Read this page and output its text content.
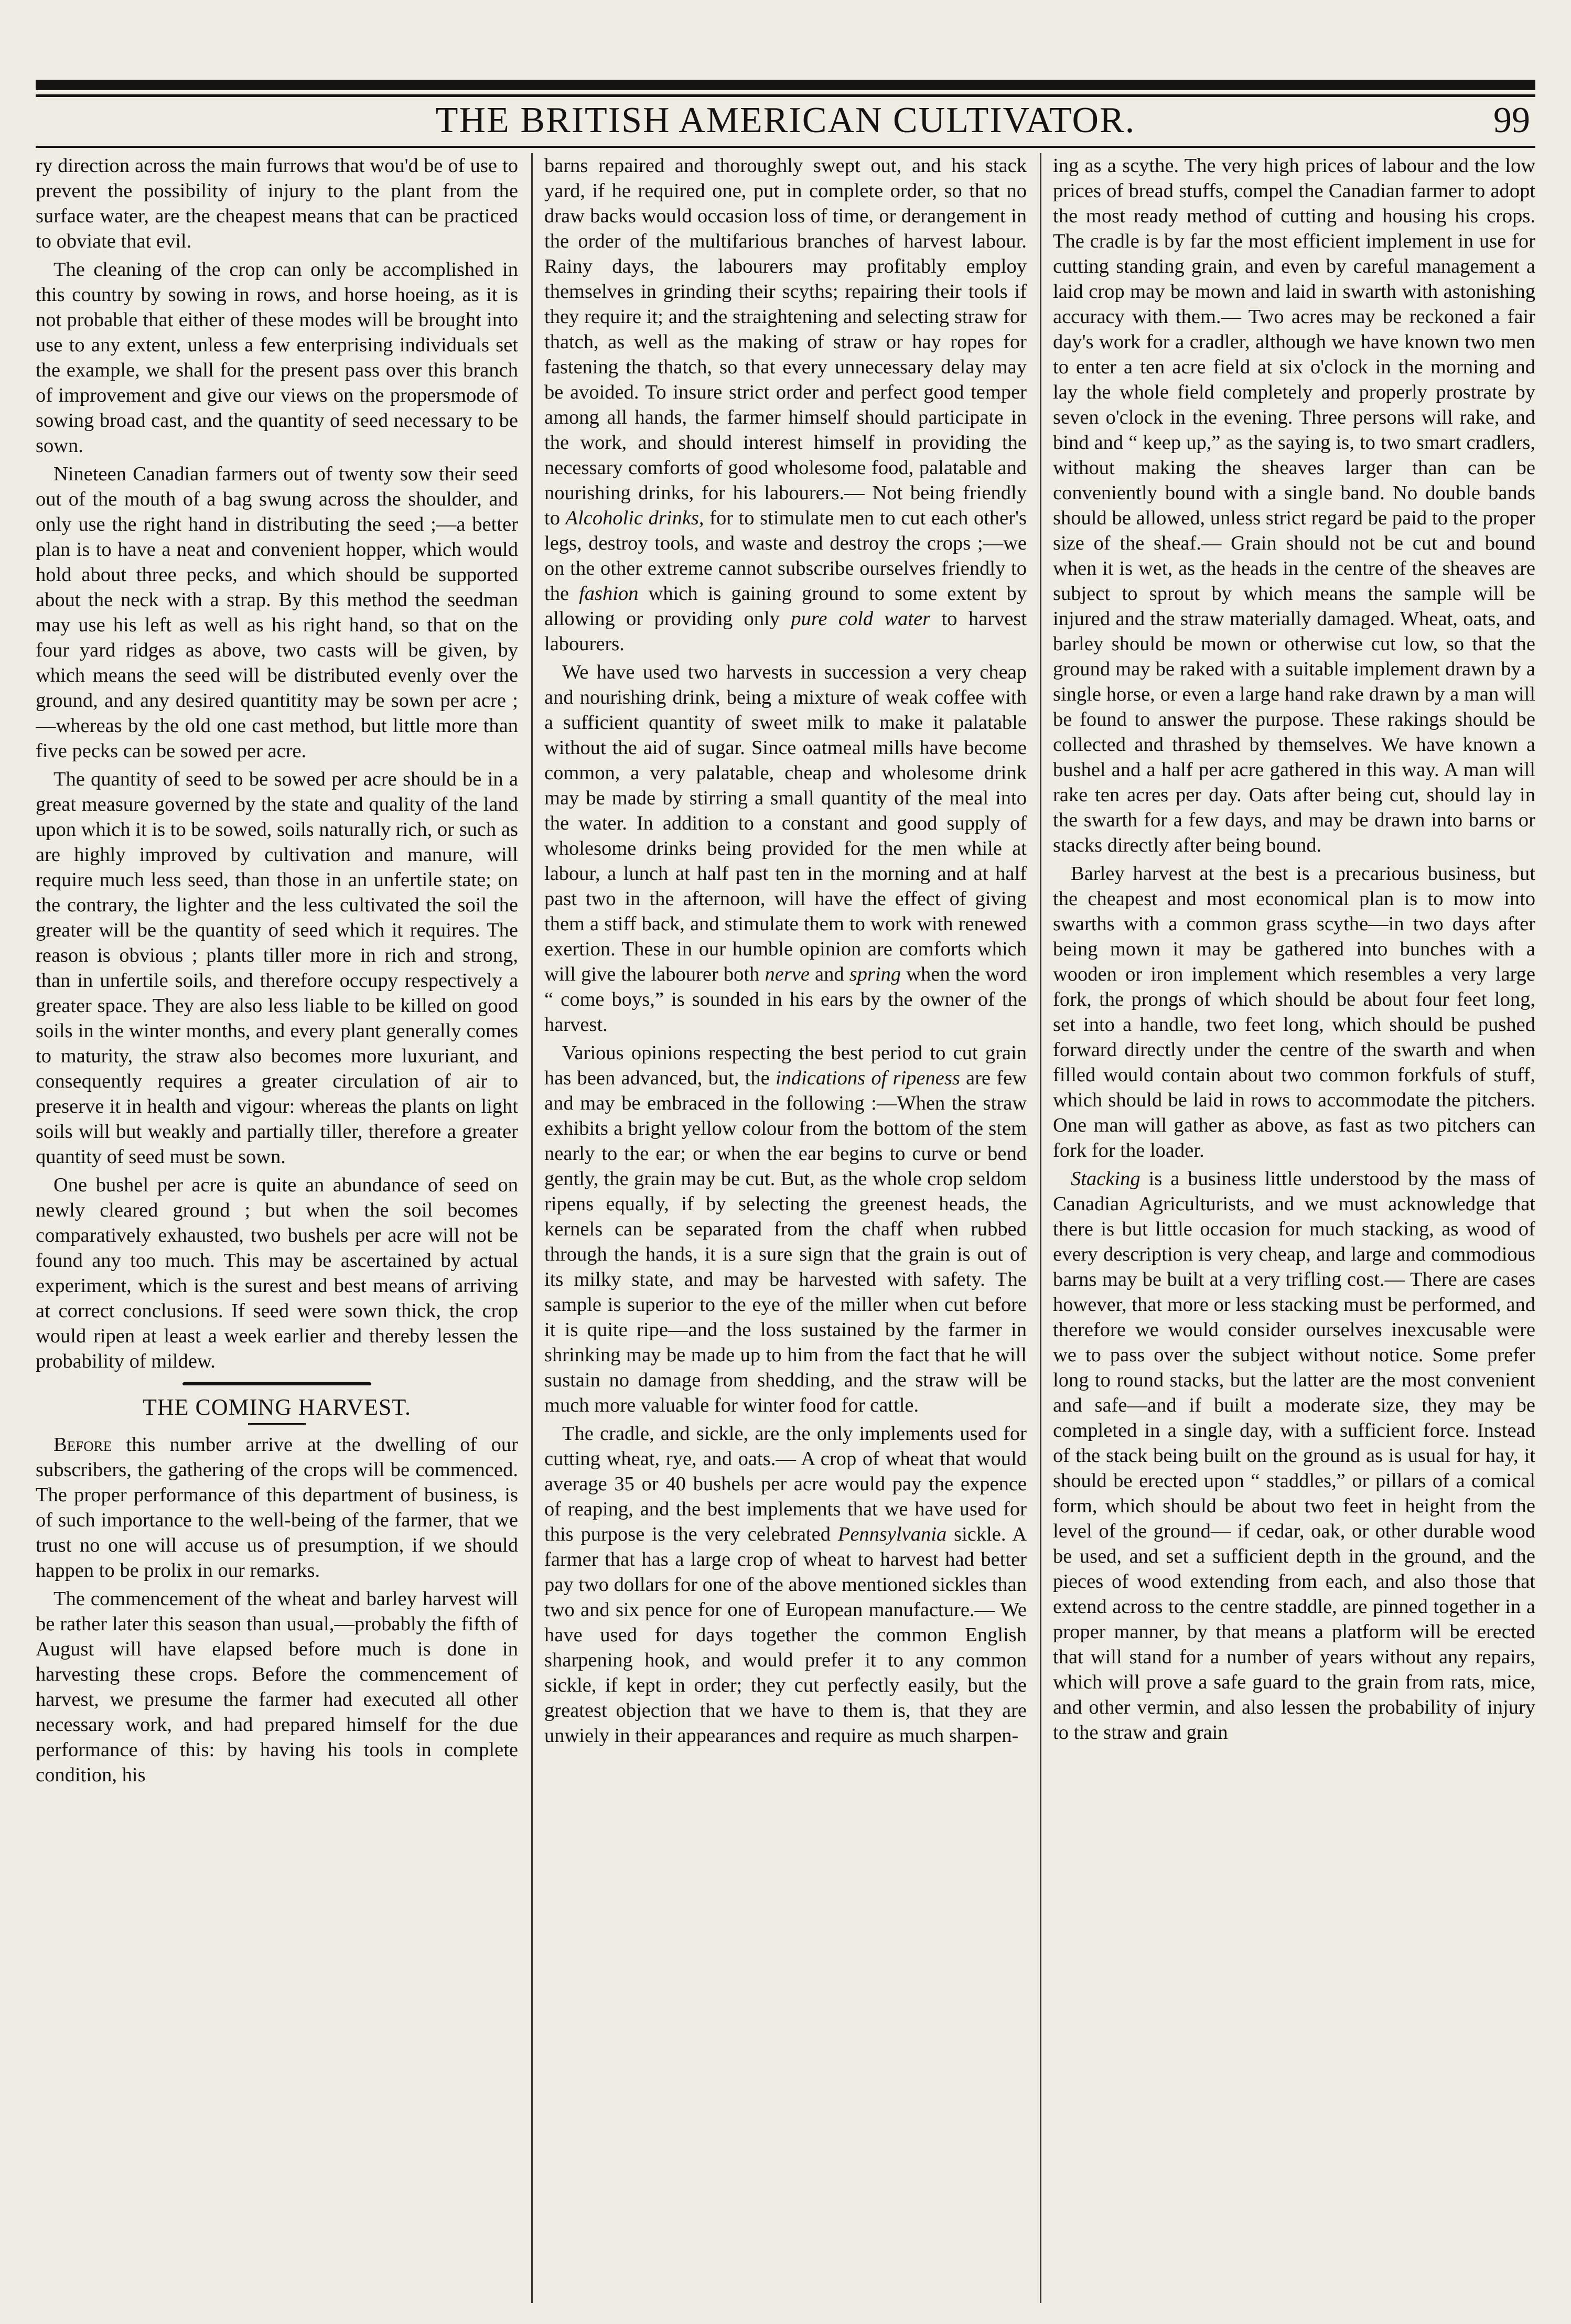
THE BRITISH AMERICAN CULTIVATOR.	99

ry direction across the main furrows that wou'd be of use to prevent the possibility of injury to the plant from the surface water, are the cheapest means that can be practiced to obviate that evil.

The cleaning of the crop can only be accomplished in this country by sowing in rows, and horse hoeing, as it is not probable that either of these modes will be brought into use to any extent, unless a few enterprising individuals set the example, we shall for the present pass over this branch of improvement and give our views on the propersmode of sowing broad cast, and the quantity of seed necessary to be sown.

Nineteen Canadian farmers out of twenty sow their seed out of the mouth of a bag swung across the shoulder, and only use the right hand in distributing the seed ;—a better plan is to have a neat and convenient hopper, which would hold about three pecks, and which should be supported about the neck with a strap. By this method the seedman may use his left as well as his right hand, so that on the four yard ridges as above, two casts will be given, by which means the seed will be distributed evenly over the ground, and any desired quantitity may be sown per acre ;—whereas by the old one cast method, but little more than five pecks can be sowed per acre.

The quantity of seed to be sowed per acre should be in a great measure governed by the state and quality of the land upon which it is to be sowed, soils naturally rich, or such as are highly improved by cultivation and manure, will require much less seed, than those in an unfertile state; on the contrary, the lighter and the less cultivated the soil the greater will be the quantity of seed which it requires. The reason is obvious ; plants tiller more in rich and strong, than in unfertile soils, and therefore occupy respectively a greater space. They are also less liable to be killed on good soils in the winter months, and every plant generally comes to maturity, the straw also becomes more luxuriant, and consequently requires a greater circulation of air to preserve it in health and vigour: whereas the plants on light soils will but weakly and partially tiller, therefore a greater quantity of seed must be sown.

One bushel per acre is quite an abundance of seed on newly cleared ground ; but when the soil becomes comparatively exhausted, two bushels per acre will not be found any too much. This may be ascertained by actual experiment, which is the surest and best means of arriving at correct conclusions. If seed were sown thick, the crop would ripen at least a week earlier and thereby lessen the probability of mildew.

THE COMING HARVEST.

Before this number arrive at the dwelling of our subscribers, the gathering of the crops will be commenced. The proper performance of this department of business, is of such importance to the well-being of the farmer, that we trust no one will accuse us of presumption, if we should happen to be prolix in our remarks.

The commencement of the wheat and barley harvest will be rather later this season than usual,—probably the fifth of August will have elapsed before much is done in harvesting these crops. Before the commencement of harvest, we presume the farmer had executed all other necessary work, and had prepared himself for the due performance of this: by having his tools in complete condition, his

barns repaired and thoroughly swept out, and his stack yard, if he required one, put in complete order, so that no draw backs would occasion loss of time, or derangement in the order of the multifarious branches of harvest labour. Rainy days, the labourers may profitably employ themselves in grinding their scyths; repairing their tools if they require it; and the straightening and selecting straw for thatch, as well as the making of straw or hay ropes for fastening the thatch, so that every unnecessary delay may be avoided. To insure strict order and perfect good temper among all hands, the farmer himself should participate in the work, and should interest himself in providing the necessary comforts of good wholesome food, palatable and nourishing drinks, for his labourers.— Not being friendly to Alcoholic drinks, for to stimulate men to cut each other's legs, destroy tools, and waste and destroy the crops ;—we on the other extreme cannot subscribe ourselves friendly to the fashion which is gaining ground to some extent by allowing or providing only pure cold water to harvest labourers.

We have used two harvests in succession a very cheap and nourishing drink, being a mixture of weak coffee with a sufficient quantity of sweet milk to make it palatable without the aid of sugar. Since oatmeal mills have become common, a very palatable, cheap and wholesome drink may be made by stirring a small quantity of the meal into the water. In addition to a constant and good supply of wholesome drinks being provided for the men while at labour, a lunch at half past ten in the morning and at half past two in the afternoon, will have the effect of giving them a stiff back, and stimulate them to work with renewed exertion. These in our humble opinion are comforts which will give the labourer both nerve and spring when the word “ come boys,” is sounded in his ears by the owner of the harvest.

Various opinions respecting the best period to cut grain has been advanced, but, the indications of ripeness are few and may be embraced in the following :—When the straw exhibits a bright yellow colour from the bottom of the stem nearly to the ear; or when the ear begins to curve or bend gently, the grain may be cut. But, as the whole crop seldom ripens equally, if by selecting the greenest heads, the kernels can be separated from the chaff when rubbed through the hands, it is a sure sign that the grain is out of its milky state, and may be harvested with safety. The sample is superior to the eye of the miller when cut before it is quite ripe—and the loss sustained by the farmer in shrinking may be made up to him from the fact that he will sustain no damage from shedding, and the straw will be much more valuable for winter food for cattle.

The cradle, and sickle, are the only implements used for cutting wheat, rye, and oats.— A crop of wheat that would average 35 or 40 bushels per acre would pay the expence of reaping, and the best implements that we have used for this purpose is the very celebrated Pennsylvania sickle. A farmer that has a large crop of wheat to harvest had better pay two dollars for one of the above mentioned sickles than two and six pence for one of European manufacture.— We have used for days together the common English sharpening hook, and would prefer it to any common sickle, if kept in order; they cut perfectly easily, but the greatest objection that we have to them is, that they are unwiely in their appearances and require as much sharpen-

ing as a scythe. The very high prices of labour and the low prices of bread stuffs, compel the Canadian farmer to adopt the most ready method of cutting and housing his crops. The cradle is by far the most efficient implement in use for cutting standing grain, and even by careful management a laid crop may be mown and laid in swarth with astonishing accuracy with them.— Two acres may be reckoned a fair day's work for a cradler, although we have known two men to enter a ten acre field at six o'clock in the morning and lay the whole field completely and properly prostrate by seven o'clock in the evening. Three persons will rake, and bind and “ keep up,” as the saying is, to two smart cradlers, without making the sheaves larger than can be conveniently bound with a single band. No double bands should be allowed, unless strict regard be paid to the proper size of the sheaf.— Grain should not be cut and bound when it is wet, as the heads in the centre of the sheaves are subject to sprout by which means the sample will be injured and the straw materially damaged. Wheat, oats, and barley should be mown or otherwise cut low, so that the ground may be raked with a suitable implement drawn by a single horse, or even a large hand rake drawn by a man will be found to answer the purpose. These rakings should be collected and thrashed by themselves. We have known a bushel and a half per acre gathered in this way. A man will rake ten acres per day. Oats after being cut, should lay in the swarth for a few days, and may be drawn into barns or stacks directly after being bound.

Barley harvest at the best is a precarious business, but the cheapest and most economical plan is to mow into swarths with a common grass scythe—in two days after being mown it may be gathered into bunches with a wooden or iron implement which resembles a very large fork, the prongs of which should be about four feet long, set into a handle, two feet long, which should be pushed forward directly under the centre of the swarth and when filled would contain about two common forkfuls of stuff, which should be laid in rows to accommodate the pitchers. One man will gather as above, as fast as two pitchers can fork for the loader.

Stacking is a business little understood by the mass of Canadian Agriculturists, and we must acknowledge that there is but little occasion for much stacking, as wood of every description is very cheap, and large and commodious barns may be built at a very trifling cost.— There are cases however, that more or less stacking must be performed, and therefore we would consider ourselves inexcusable were we to pass over the subject without notice. Some prefer long to round stacks, but the latter are the most convenient and safe—and if built a moderate size, they may be completed in a single day, with a sufficient force. Instead of the stack being built on the ground as is usual for hay, it should be erected upon “ staddles,” or pillars of a comical form, which should be about two feet in height from the level of the ground— if cedar, oak, or other durable wood be used, and set a sufficient depth in the ground, and the pieces of wood extending from each, and also those that extend across to the centre staddle, are pinned together in a proper manner, by that means a platform will be erected that will stand for a number of years without any repairs, which will prove a safe guard to the grain from rats, mice, and other vermin, and also lessen the probability of injury to the straw and grain
